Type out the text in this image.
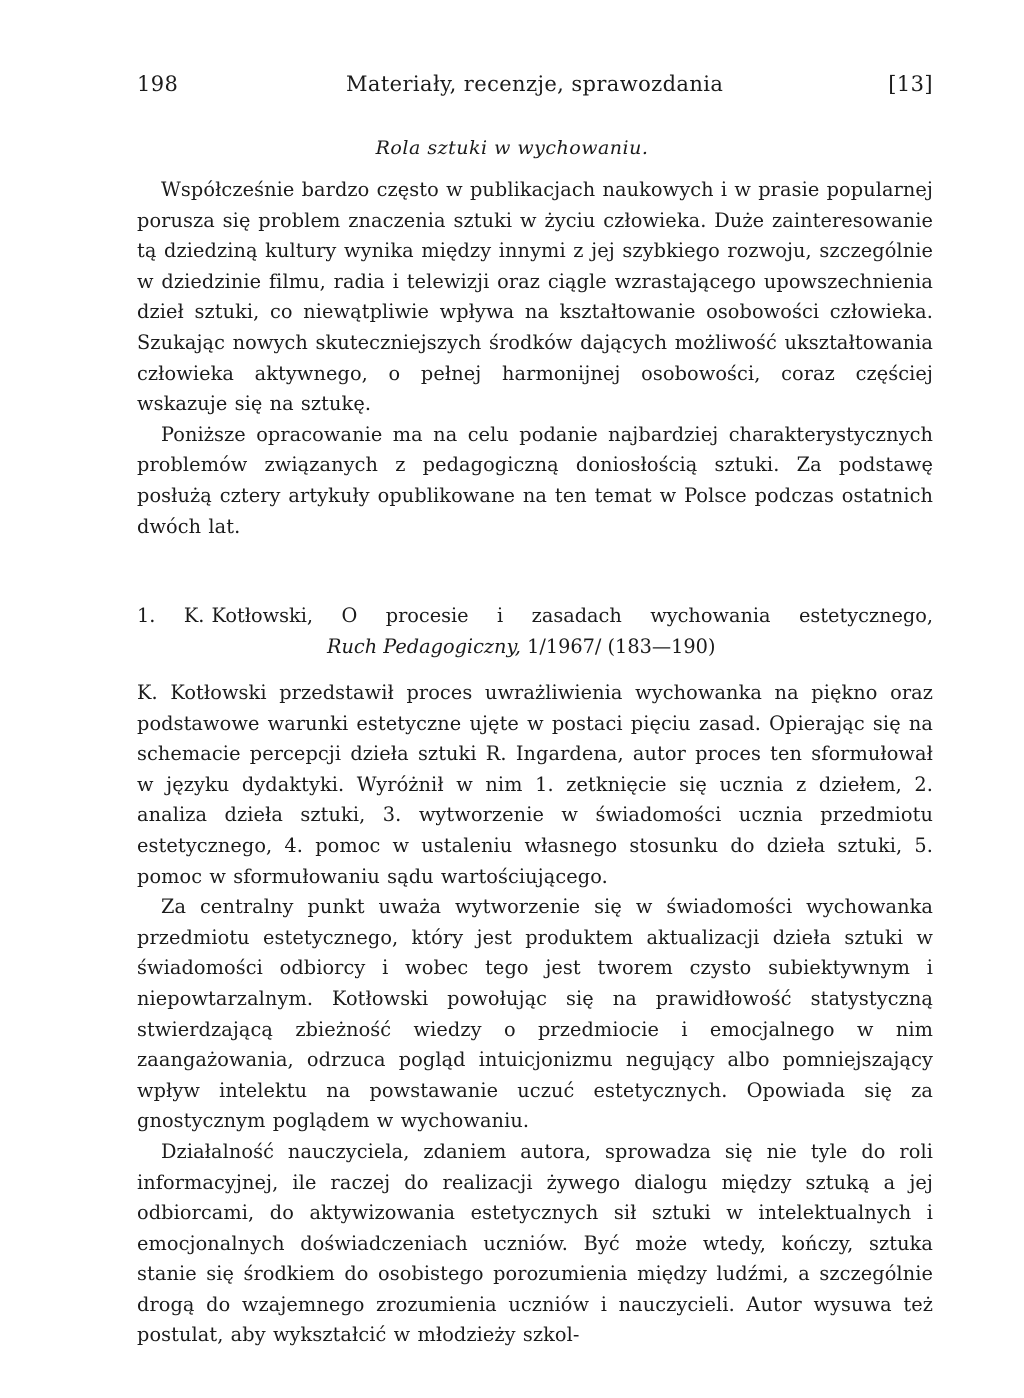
198	Materiały, recenzje, sprawozdania	[13]
Rola sztuki w wychowaniu.

Współcześnie bardzo często w publikacjach naukowych i w prasie popularnej porusza się problem znaczenia sztuki w życiu człowieka. Duże zainteresowanie tą dziedziną kultury wynika między innymi z jej szybkiego rozwoju, szczególnie w dziedzinie filmu, radia i telewizji oraz ciągle wzrastającego upowszechnienia dzieł sztuki, co niewątpliwie wpływa na kształtowanie osobowości człowieka. Szukając nowych skuteczniejszych środków dających możliwość ukształtowania człowieka aktywnego, o pełnej harmonijnej osobowości, coraz częściej wskazuje się na sztukę.

Poniższe opracowanie ma na celu podanie najbardziej charakterystycznych problemów związanych z pedagogiczną doniosłością sztuki. Za podstawę posłużą cztery artykuły opublikowane na ten temat w Polsce podczas ostatnich dwóch lat.

1. K. Kotłowski, O procesie i zasadach wychowania estetycznego,
Ruch Pedagogiczny, 1/1967/ (183—190)

K. Kotłowski przedstawił proces uwrażliwienia wychowanka na piękno oraz podstawowe warunki estetyczne ujęte w postaci pięciu zasad. Opierając się na schemacie percepcji dzieła sztuki R. Ingardena, autor proces ten sformułował w języku dydaktyki. Wyróżnił w nim 1. zetknięcie się ucznia z dziełem, 2. analiza dzieła sztuki, 3. wytworzenie w świadomości ucznia przedmiotu estetycznego, 4. pomoc w ustaleniu własnego stosunku do dzieła sztuki, 5. pomoc w sformułowaniu sądu wartościującego.

Za centralny punkt uważa wytworzenie się w świadomości wychowanka przedmiotu estetycznego, który jest produktem aktualizacji dzieła sztuki w świadomości odbiorcy i wobec tego jest tworem czysto subiektywnym i niepowtarzalnym. Kotłowski powołując się na prawidłowość statystyczną stwierdzającą zbieżność wiedzy o przedmiocie i emocjalnego w nim zaangażowania, odrzuca pogląd intuicjonizmu negujący albo pomniejszający wpływ intelektu na powstawanie uczuć estetycznych. Opowiada się za gnostycznym poglądem w wychowaniu.

Działalność nauczyciela, zdaniem autora, sprowadza się nie tyle do roli informacyjnej, ile raczej do realizacji żywego dialogu między sztuką a jej odbiorcami, do aktywizowania estetycznych sił sztuki w intelektualnych i emocjonalnych doświadczeniach uczniów. Być może wtedy, kończy, sztuka stanie się środkiem do osobistego porozumienia między ludźmi, a szczególnie drogą do wzajemnego zrozumienia uczniów i nauczycieli. Autor wysuwa też postulat, aby wykształcić w młodzieży szkol-
